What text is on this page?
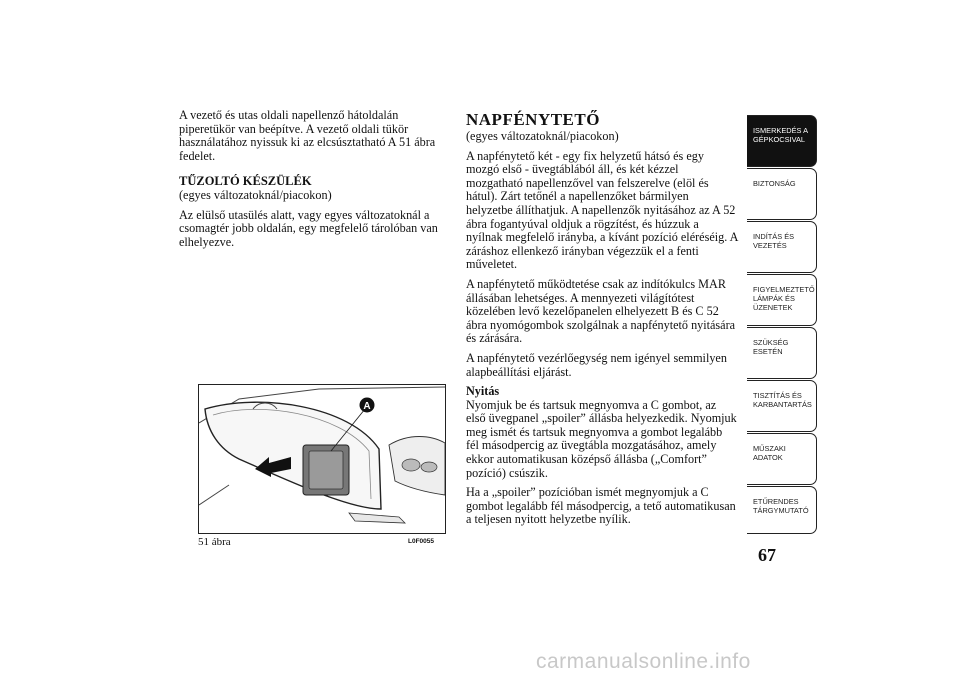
A vezető és utas oldali napellenző hátoldalán piperetükör van beépítve. A vezető oldali tükör használatához nyissuk ki az elcsúsztatható A 51 ábra fedelet.

TŰZOLTÓ KÉSZÜLÉK
(egyes változatoknál/piacokon)

Az elülső utasülés alatt, vagy egyes változatoknál a csomagtér jobb oldalán, egy megfelelő tárolóban van elhelyezve.

A
51 ábra	L0F0055
NAPFÉNYTETŐ
(egyes változatoknál/piacokon)

A napfénytető két - egy fix helyzetű hátsó és egy mozgó első - üvegtáblából áll, és két kézzel mozgatható napellenzővel van felszerelve (elöl és hátul). Zárt tetőnél a napellenzőket bármilyen helyzetbe állíthatjuk. A napellenzők nyitásához az A 52 ábra fogantyúval oldjuk a rögzítést, és húzzuk a nyílnak megfelelő irányba, a kívánt pozíció eléréséig. A záráshoz ellenkező irányban végezzük el a fenti műveletet.

A napfénytető működtetése csak az indítókulcs MAR állásában lehetséges. A mennyezeti világítótest közelében levő kezelőpanelen elhelyezett B és C 52 ábra nyomógombok szolgálnak a napfénytető nyitására és zárására.

A napfénytető vezérlőegység nem igényel semmilyen alapbeállítási eljárást.

Nyitás

Nyomjuk be és tartsuk megnyomva a C gombot, az első üvegpanel „spoiler” állásba helyezkedik. Nyomjuk meg ismét és tartsuk megnyomva a gombot legalább fél másodpercig az üvegtábla mozgatásához, amely ekkor automatikusan középső állásba („Comfort” pozíció) csúszik.

Ha a „spoiler” pozícióban ismét megnyomjuk a C gombot legalább fél másodpercig, a tető automatikusan a teljesen nyitott helyzetbe nyílik.

ISMERKEDÉS A GÉPKOCSIVAL
BIZTONSÁG
INDÍTÁS ÉS VEZETÉS
FIGYELMEZTETŐ LÁMPÁK ÉS ÜZENETEK
SZÜKSÉG ESETÉN
TISZTÍTÁS ÉS KARBANTARTÁS
MŰSZAKI ADATOK
ETŰRENDES TÁRGYMUTATÓ
67
carmanualsonline.info
